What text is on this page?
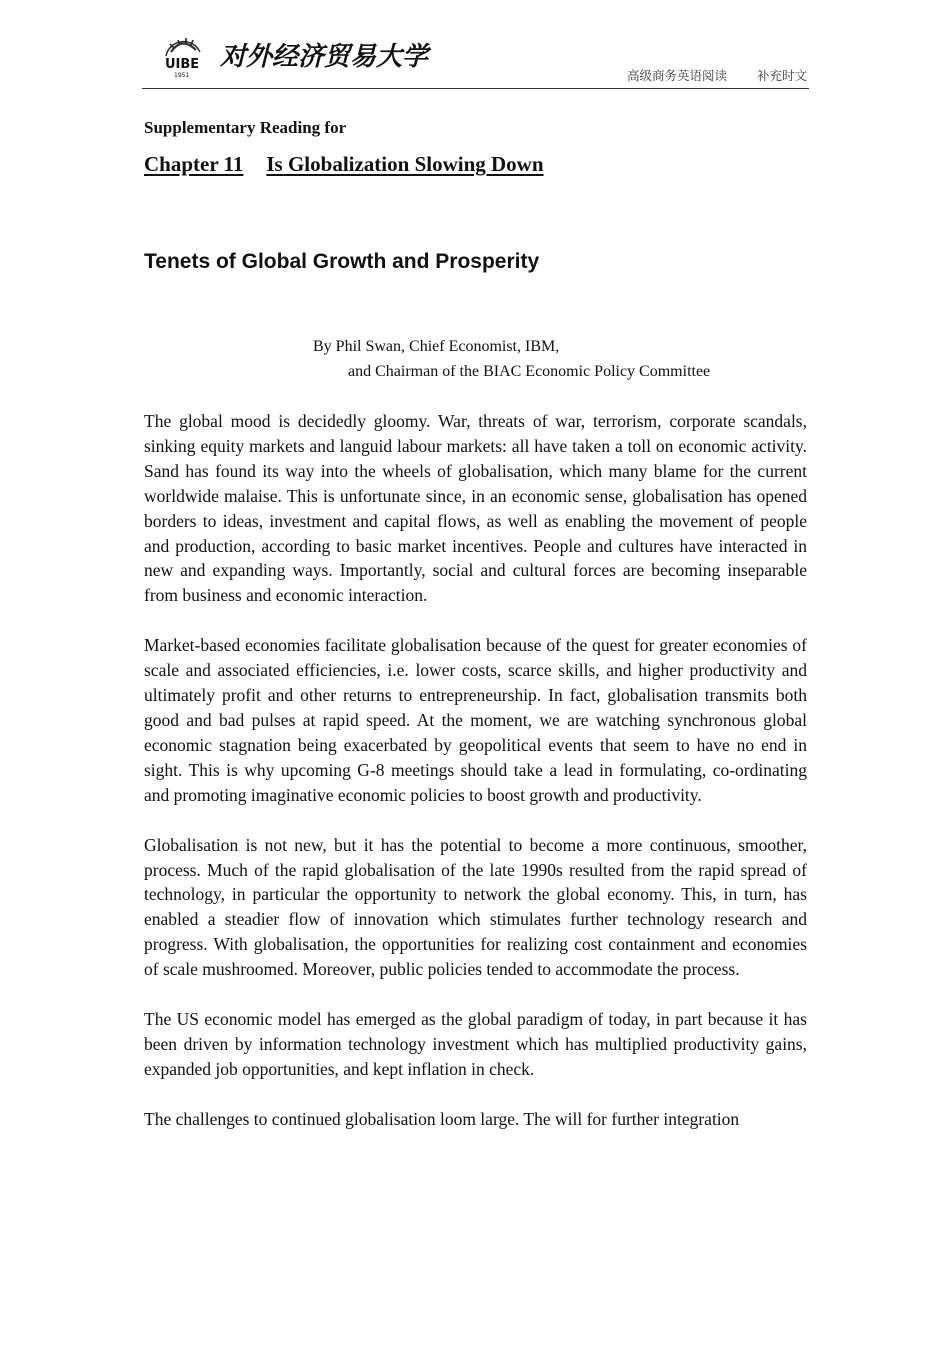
UIBE
1951
对外经济贸易大学
高级商务英语阅读 补充时文
Supplementary Reading for
Chapter 11 Is Globalization Slowing Down
Tenets of Global Growth and Prosperity
By Phil Swan, Chief Economist, IBM,
and Chairman of the BIAC Economic Policy Committee

The global mood is decidedly gloomy. War, threats of war, terrorism, corporate scandals, sinking equity markets and languid labour markets: all have taken a toll on economic activity. Sand has found its way into the wheels of globalisation, which many blame for the current worldwide malaise. This is unfortunate since, in an economic sense, globalisation has opened borders to ideas, investment and capital flows, as well as enabling the movement of people and production, according to basic market incentives. People and cultures have interacted in new and expanding ways. Importantly, social and cultural forces are becoming inseparable from business and economic interaction.

Market-based economies facilitate globalisation because of the quest for greater economies of scale and associated efficiencies, i.e. lower costs, scarce skills, and higher productivity and ultimately profit and other returns to entrepreneurship. In fact, globalisation transmits both good and bad pulses at rapid speed. At the moment, we are watching synchronous global economic stagnation being exacerbated by geopolitical events that seem to have no end in sight. This is why upcoming G-8 meetings should take a lead in formulating, co-ordinating and promoting imaginative economic policies to boost growth and productivity.

Globalisation is not new, but it has the potential to become a more continuous, smoother, process. Much of the rapid globalisation of the late 1990s resulted from the rapid spread of technology, in particular the opportunity to network the global economy. This, in turn, has enabled a steadier flow of innovation which stimulates further technology research and progress. With globalisation, the opportunities for realizing cost containment and economies of scale mushroomed. Moreover, public policies tended to accommodate the process.

The US economic model has emerged as the global paradigm of today, in part because it has been driven by information technology investment which has multiplied productivity gains, expanded job opportunities, and kept inflation in check.

The challenges to continued globalisation loom large. The will for further integration
